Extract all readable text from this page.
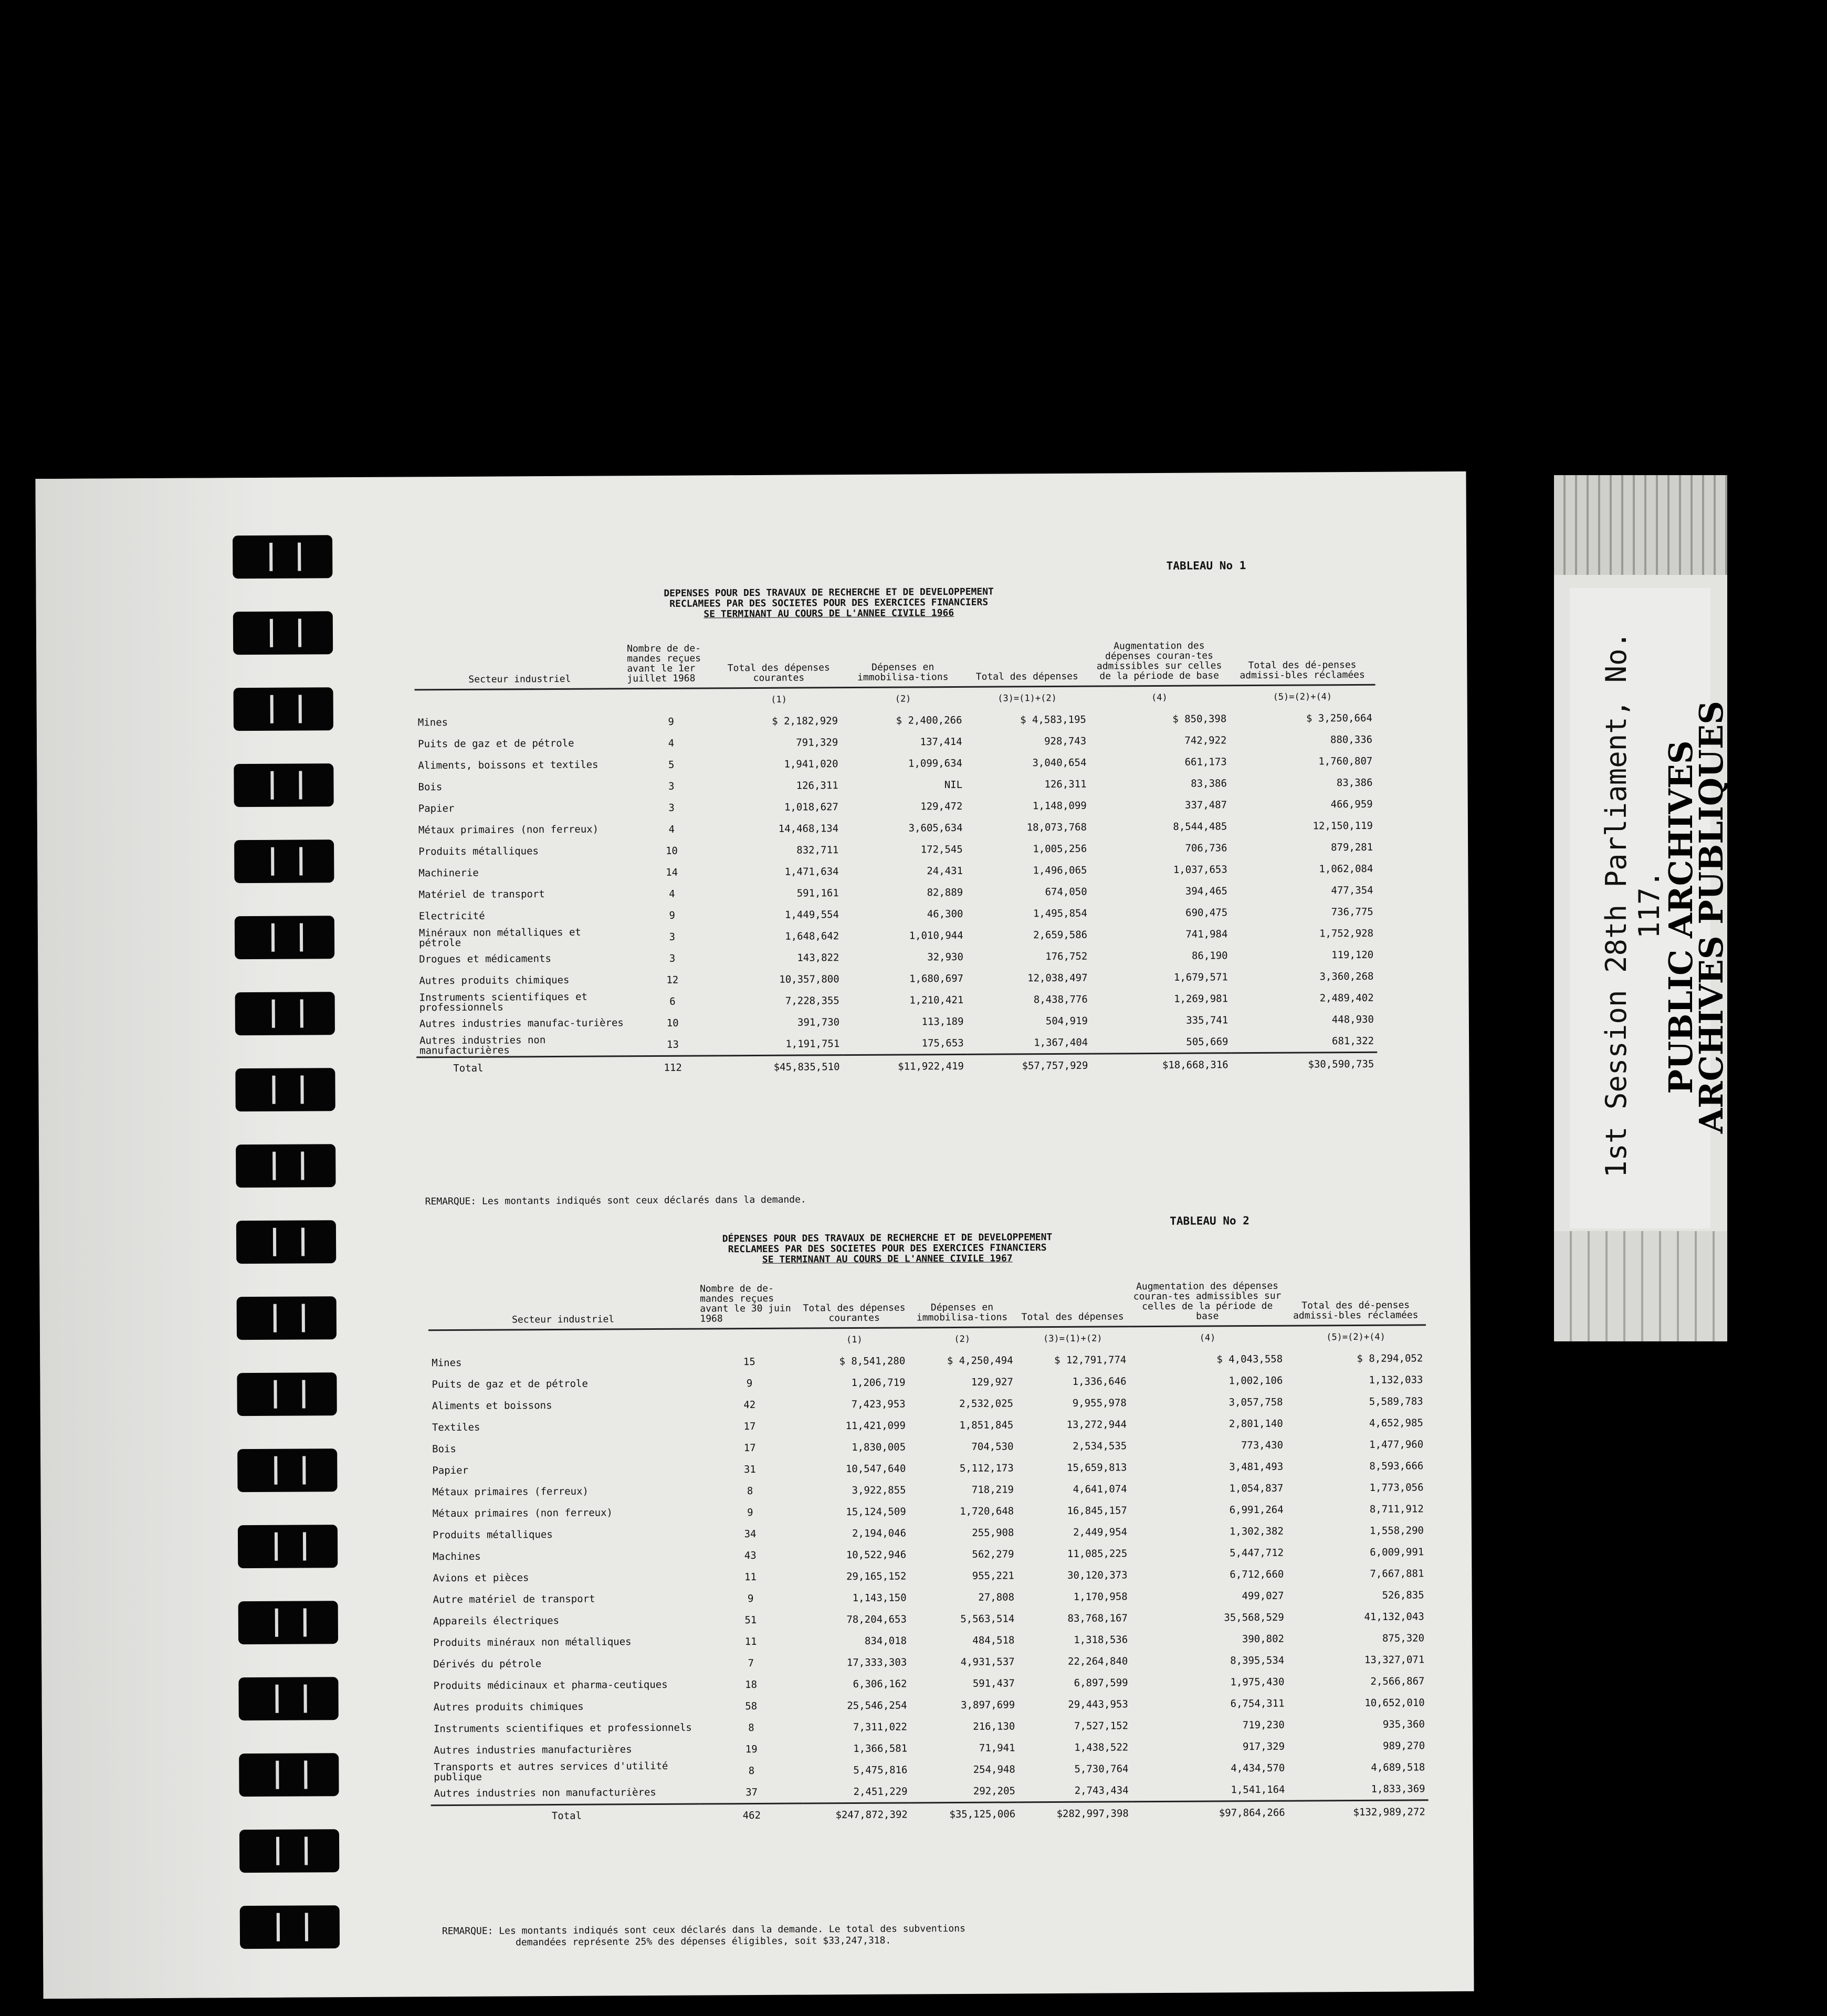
TABLEAU No 1
DEPENSES POUR DES TRAVAUX DE RECHERCHE ET DE DEVELOPPEMENT
RECLAMEES PAR DES SOCIETES POUR DES EXERCICES FINANCIERS
SE TERMINANT AU COURS DE L'ANNEE CIVILE 1966
Secteur industriel	Nombre de de-mandes reçues avant le 1er juillet 1968	Total des dépenses courantes	Dépenses en immobilisa-tions	Total des dépenses	Augmentation des dépenses couran-tes admissibles sur celles de la période de base	Total des dé-penses admissi-bles réclamées
		(1)	(2)	(3)=(1)+(2)	(4)	(5)=(2)+(4)
Mines	9	$ 2,182,929	$ 2,400,266	$ 4,583,195	$ 850,398	$ 3,250,664
Puits de gaz et de pétrole	4	791,329	137,414	928,743	742,922	880,336
Aliments, boissons et textiles	5	1,941,020	1,099,634	3,040,654	661,173	1,760,807
Bois	3	126,311	NIL	126,311	83,386	83,386
Papier	3	1,018,627	129,472	1,148,099	337,487	466,959
Métaux primaires (non ferreux)	4	14,468,134	3,605,634	18,073,768	8,544,485	12,150,119
Produits métalliques	10	832,711	172,545	1,005,256	706,736	879,281
Machinerie	14	1,471,634	24,431	1,496,065	1,037,653	1,062,084
Matériel de transport	4	591,161	82,889	674,050	394,465	477,354
Electricité	9	1,449,554	46,300	1,495,854	690,475	736,775
Minéraux non métalliques et pétrole	3	1,648,642	1,010,944	2,659,586	741,984	1,752,928
Drogues et médicaments	3	143,822	32,930	176,752	86,190	119,120
Autres produits chimiques	12	10,357,800	1,680,697	12,038,497	1,679,571	3,360,268
Instruments scientifiques et professionnels	6	7,228,355	1,210,421	8,438,776	1,269,981	2,489,402
Autres industries manufac-turières	10	391,730	113,189	504,919	335,741	448,930
Autres industries non manufacturières	13	1,191,751	175,653	1,367,404	505,669	681,322
Total	112	$45,835,510	$11,922,419	$57,757,929	$18,668,316	$30,590,735
REMARQUE: Les montants indiqués sont ceux déclarés dans la demande.
TABLEAU No 2
DÉPENSES POUR DES TRAVAUX DE RECHERCHE ET DE DEVELOPPEMENT
RECLAMEES PAR DES SOCIETES POUR DES EXERCICES FINANCIERS
SE TERMINANT AU COURS DE L'ANNEE CIVILE 1967
Secteur industriel	Nombre de de-mandes reçues avant le 30 juin 1968	Total des dépenses courantes	Dépenses en immobilisa-tions	Total des dépenses	Augmentation des dépenses couran-tes admissibles sur celles de la période de base	Total des dé-penses admissi-bles réclamées
		(1)	(2)	(3)=(1)+(2)	(4)	(5)=(2)+(4)
Mines	15	$ 8,541,280	$ 4,250,494	$ 12,791,774	$ 4,043,558	$ 8,294,052
Puits de gaz et de pétrole	9	1,206,719	129,927	1,336,646	1,002,106	1,132,033
Aliments et boissons	42	7,423,953	2,532,025	9,955,978	3,057,758	5,589,783
Textiles	17	11,421,099	1,851,845	13,272,944	2,801,140	4,652,985
Bois	17	1,830,005	704,530	2,534,535	773,430	1,477,960
Papier	31	10,547,640	5,112,173	15,659,813	3,481,493	8,593,666
Métaux primaires (ferreux)	8	3,922,855	718,219	4,641,074	1,054,837	1,773,056
Métaux primaires (non ferreux)	9	15,124,509	1,720,648	16,845,157	6,991,264	8,711,912
Produits métalliques	34	2,194,046	255,908	2,449,954	1,302,382	1,558,290
Machines	43	10,522,946	562,279	11,085,225	5,447,712	6,009,991
Avions et pièces	11	29,165,152	955,221	30,120,373	6,712,660	7,667,881
Autre matériel de transport	9	1,143,150	27,808	1,170,958	499,027	526,835
Appareils électriques	51	78,204,653	5,563,514	83,768,167	35,568,529	41,132,043
Produits minéraux non métalliques	11	834,018	484,518	1,318,536	390,802	875,320
Dérivés du pétrole	7	17,333,303	4,931,537	22,264,840	8,395,534	13,327,071
Produits médicinaux et pharma-ceutiques	18	6,306,162	591,437	6,897,599	1,975,430	2,566,867
Autres produits chimiques	58	25,546,254	3,897,699	29,443,953	6,754,311	10,652,010
Instruments scientifiques et professionnels	8	7,311,022	216,130	7,527,152	719,230	935,360
Autres industries manufacturières	19	1,366,581	71,941	1,438,522	917,329	989,270
Transports et autres services d'utilité publique	8	5,475,816	254,948	5,730,764	4,434,570	4,689,518
Autres industries non manufacturières	37	2,451,229	292,205	2,743,434	1,541,164	1,833,369
Total	462	$247,872,392	$35,125,006	$282,997,398	$97,864,266	$132,989,272
REMARQUE: Les montants indiqués sont ceux déclarés dans la demande. Le total des subventions
demandées représente 25% des dépenses éligibles, soit $33,247,318.
1st Session 28th Parliament, No. 117.
PUBLIC ARCHIVES
ARCHIVES PUBLIQUES
CANADA
